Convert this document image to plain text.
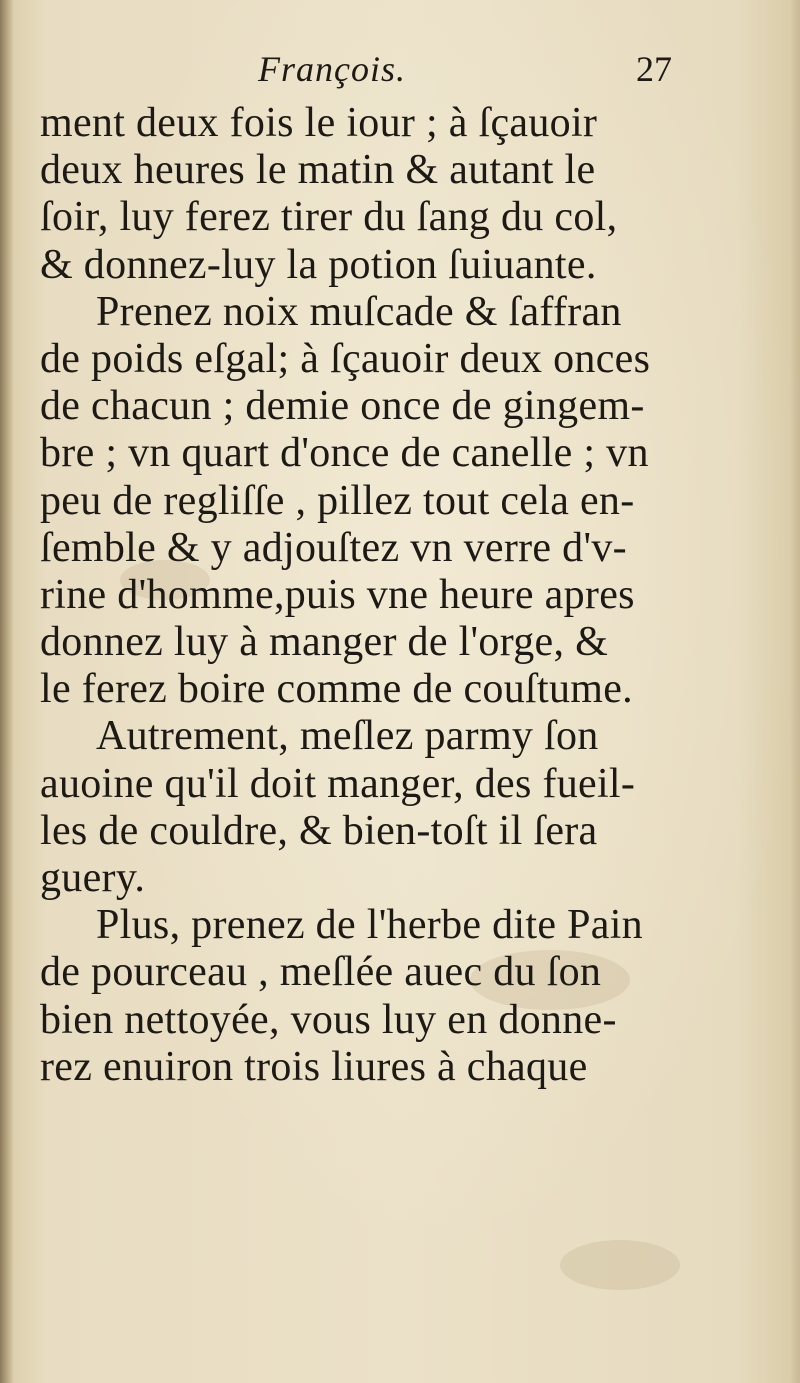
François.	27
ment deux fois le iour ; à ſçauoir
deux heures le matin & autant le
ſoir, luy ferez tirer du ſang du col,
& donnez-luy la potion ſuiuante.
Prenez noix muſcade & ſaffran
de poids eſgal; à ſçauoir deux onces
de chacun ; demie once de gingem-
bre ; vn quart d'once de canelle ; vn
peu de regliſſe , pillez tout cela en-
ſemble & y adjouſtez vn verre d'v-
rine d'homme,puis vne heure apres
donnez luy à manger de l'orge, &
le ferez boire comme de couſtume.
Autrement, meſlez parmy ſon
auoine qu'il doit manger, des fueil-
les de couldre, & bien-toſt il ſera
guery.
Plus, prenez de l'herbe dite Pain
de pourceau , meſlée auec du ſon
bien nettoyée, vous luy en donne-
rez enuiron trois liures à chaque
